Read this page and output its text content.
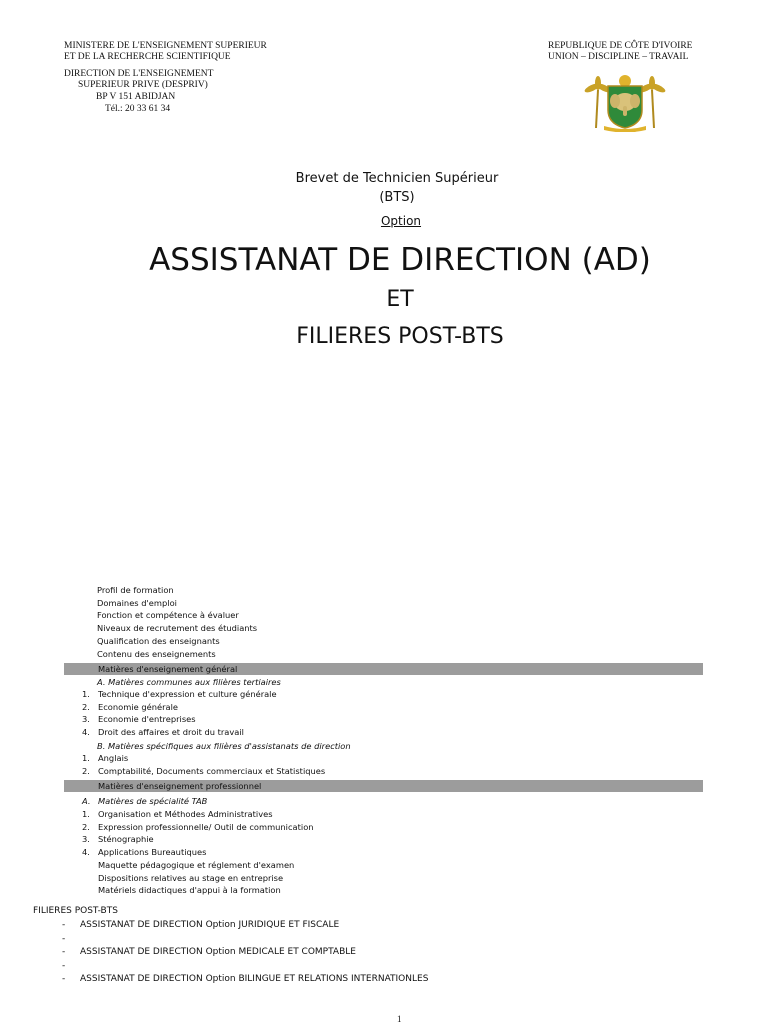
MINISTERE DE L'ENSEIGNEMENT SUPERIEUR
ET DE LA RECHERCHE SCIENTIFIQUE
DIRECTION DE L'ENSEIGNEMENT
SUPERIEUR PRIVE (DESPRIV)
BP V 151 ABIDJAN
Tél.: 20 33 61 34
REPUBLIQUE DE CÔTE D'IVOIRE
UNION – DISCIPLINE – TRAVAIL
Brevet de Technicien Supérieur
(BTS)
Option
ASSISTANAT DE DIRECTION (AD)
ET
FILIERES POST-BTS
Profil de formation
Domaines d'emploi
Fonction et compétence à évaluer
Niveaux de recrutement des étudiants
Qualification des enseignants
Contenu des enseignements
Matières d'enseignement général
A. Matières communes aux filières tertiaires
1. Technique d'expression et culture générale
2. Economie générale
3. Economie d'entreprises
4. Droit des affaires et droit du travail
B. Matières spécifiques aux filières d'assistanats de direction
1. Anglais
2. Comptabilité, Documents commerciaux et Statistiques
Matières d'enseignement professionnel
A. Matières de spécialité TAB
1. Organisation et Méthodes Administratives
2. Expression professionnelle/ Outil de communication
3. Sténographie
4. Applications Bureautiques
Maquette pédagogique et réglement d'examen
Dispositions relatives au stage en entreprise
Matériels didactiques d'appui à la formation
FILIERES POST-BTS
- ASSISTANAT DE DIRECTION Option JURIDIQUE ET FISCALE
-
- ASSISTANAT DE DIRECTION Option MEDICALE ET COMPTABLE
-
- ASSISTANAT DE DIRECTION Option BILINGUE ET RELATIONS INTERNATIONLES
1
